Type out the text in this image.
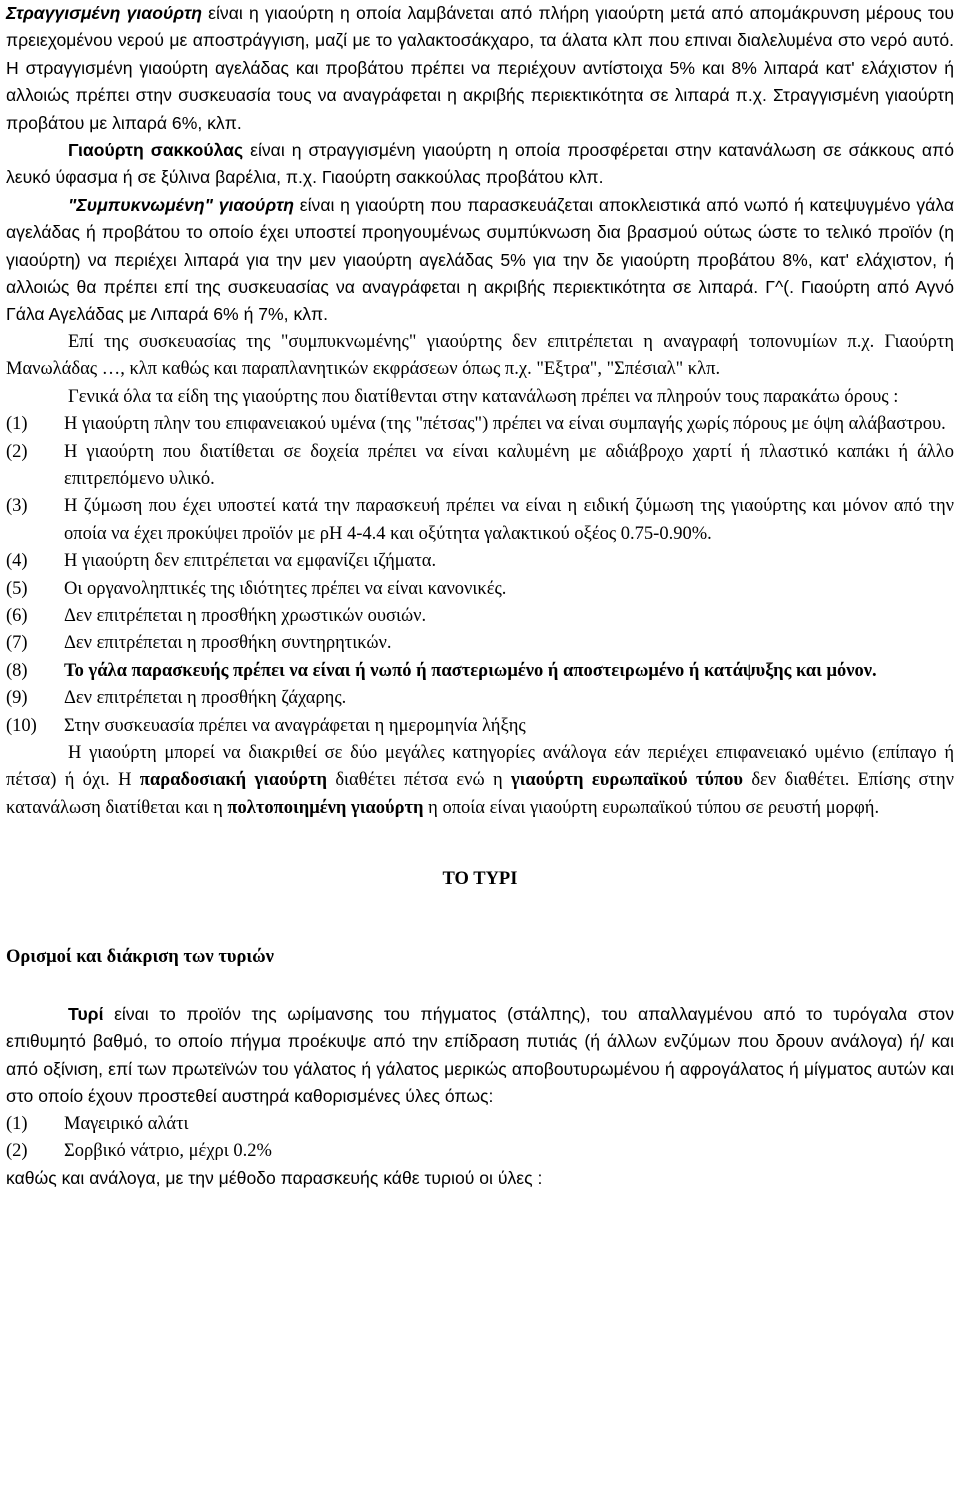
Στραγγισμένη γιαούρτη είναι η γιαούρτη η οποία λαμβάνεται από πλήρη γιαούρτη μετά από απομάκρυνση μέρους του πρειεχομένου νερού με αποστράγγιση, μαζί με το γαλακτοσάκχαρο, τα άλατα κλπ που επιναι διαλελυμένα στο νερό αυτό. Η στραγγισμένη γιαούρτη αγελάδας και προβάτου πρέπει να περιέχουν αντίστοιχα 5% και 8% λιπαρά κατ' ελάχιστον ή αλλοιώς πρέπει στην συσκευασία τους να αναγράφεται η ακριβής περιεκτικότητα σε λιπαρά π.χ. Στραγγισμένη γιαούρτη προβάτου με λιπαρά 6%, κλπ.

Γιαούρτη σακκούλας είναι η στραγγισμένη γιαούρτη η οποία προσφέρεται στην κατανάλωση σε σάκκους από λευκό ύφασμα ή σε ξύλινα βαρέλια, π.χ. Γιαούρτη σακκούλας προβάτου κλπ.

"Συμπυκνωμένη" γιαούρτη είναι η γιαούρτη που παρασκευάζεται αποκλειστικά από νωπό ή κατεψυγμένο γάλα αγελάδας ή προβάτου το οποίο έχει υποστεί προηγουμένως συμπύκνωση δια βρασμού ούτως ώστε το τελικό προϊόν (η γιαούρτη) να περιέχει λιπαρά για την μεν γιαούρτη αγελάδας 5% για την δε γιαούρτη προβάτου 8%, κατ' ελάχιστον, ή αλλοιώς θα πρέπει επί της συσκευασίας να αναγράφεται η ακριβής περιεκτικότητα σε λιπαρά. Γ^(. Γιαούρτη από Αγνό Γάλα Αγελάδας με Λιπαρά 6% ή 7%, κλπ.

Επί της συσκευασίας της "συμπυκνωμένης" γιαούρτης δεν επιτρέπεται η αναγραφή τοπονυμίων π.χ. Γιαούρτη Μανωλάδας …, κλπ καθώς και παραπλανητικών εκφράσεων όπως π.χ. "Εξτρα", "Σπέσιαλ" κλπ.

Γενικά όλα τα είδη της γιαούρτης που διατίθενται στην κατανάλωση πρέπει να πληρούν τους παρακάτω όρους :

(1)	Η γιαούρτη πλην του επιφανειακού υμένα (της "πέτσας") πρέπει να είναι συμπαγής χωρίς πόρους με όψη αλάβαστρου.
(2)	Η γιαούρτη που διατίθεται σε δοχεία πρέπει να είναι καλυμένη με αδιάβροχο χαρτί ή πλαστικό καπάκι ή άλλο επιτρεπόμενο υλικό.
(3)	Η ζύμωση που έχει υποστεί κατά την παρασκευή πρέπει να είναι η ειδική ζύμωση της γιαούρτης και μόνον από την οποία να έχει προκύψει προϊόν με ρΗ 4-4.4 και οξύτητα γαλακτικού οξέος 0.75-0.90%.
(4)	Η γιαούρτη δεν επιτρέπεται να εμφανίζει ιζήματα.
(5)	Οι οργανοληπτικές της ιδιότητες πρέπει να είναι κανονικές.
(6)	Δεν επιτρέπεται η προσθήκη χρωστικών ουσιών.
(7)	Δεν επιτρέπεται η προσθήκη συντηρητικών.
(8)	Το γάλα παρασκευής πρέπει να είναι ή νωπό ή παστεριωμένο ή αποστειρωμένο ή κατάψυξης και μόνον.
(9)	Δεν επιτρέπεται η προσθήκη ζάχαρης.
(10)	Στην συσκευασία πρέπει να αναγράφεται η ημερομηνία λήξης

Η γιαούρτη μπορεί να διακριθεί σε δύο μεγάλες κατηγορίες ανάλογα εάν περιέχει επιφανειακό υμένιο (επίπαγο ή πέτσα) ή όχι. Η παραδοσιακή γιαούρτη διαθέτει πέτσα ενώ η γιαούρτη ευρωπαϊκού τύπου δεν διαθέτει. Επίσης στην κατανάλωση διατίθεται και η πολτοποιημένη γιαούρτη η οποία είναι γιαούρτη ευρωπαϊκού τύπου σε ρευστή μορφή.

ΤΟ ΤΥΡΙ

Ορισμοί και διάκριση των τυριών

Τυρί είναι το προϊόν της ωρίμανσης του πήγματος (στάλπης), του απαλλαγμένου από το τυρόγαλα στον επιθυμητό βαθμό, το οποίο πήγμα προέκυψε από την επίδραση πυτιάς (ή άλλων ενζύμων που δρουν ανάλογα) ή/ και από οξίνιση, επί των πρωτεϊνών του γάλατος ή γάλατος μερικώς αποβουτυρωμένου ή αφρογάλατος ή μίγματος αυτών και στο οποίο έχουν προστεθεί αυστηρά καθορισμένες ύλες όπως:

(1)	Μαγειρικό αλάτι
(2)	Σορβικό νάτριο, μέχρι 0.2%

καθώς και ανάλογα, με την μέθοδο παρασκευής κάθε τυριού οι ύλες :
